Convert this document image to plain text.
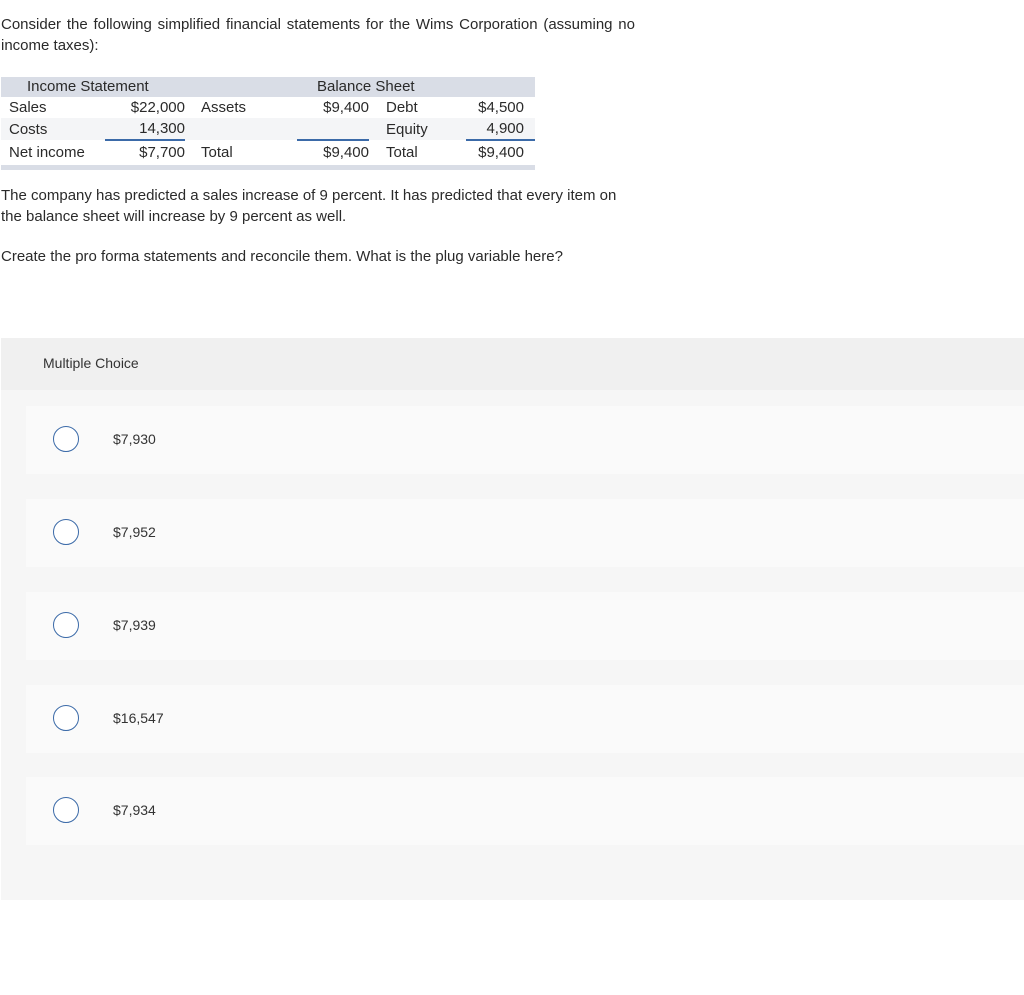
Consider the following simplified financial statements for the Wims Corporation (assuming no income taxes):

Income Statement			Balance Sheet		
Sales	$22,000	Assets	$9,400	Debt	$4,500
Costs	14,300			Equity	4,900
Net income	$7,700	Total	$9,400	Total	$9,400

The company has predicted a sales increase of 9 percent. It has predicted that every item on the balance sheet will increase by 9 percent as well.

Create the pro forma statements and reconcile them. What is the plug variable here?

Multiple Choice
$7,930
$7,952
$7,939
$16,547
$7,934
